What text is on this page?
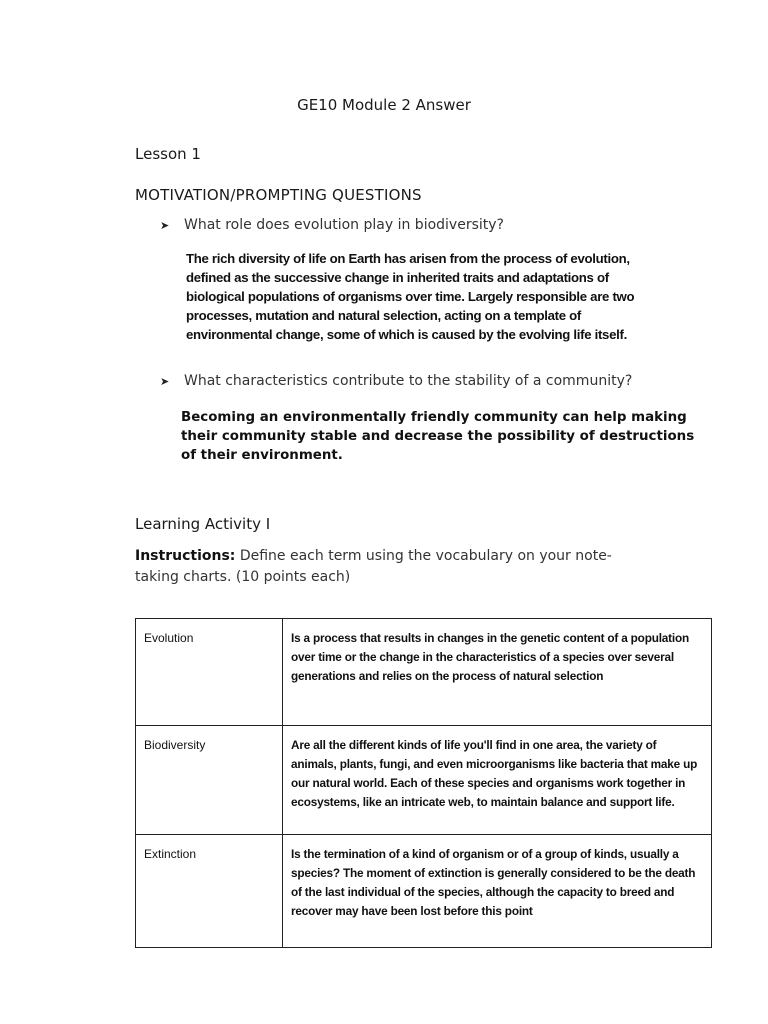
GE10 Module 2 Answer
Lesson 1
MOTIVATION/PROMPTING QUESTIONS
➤	What role does evolution play in biodiversity?
The rich diversity of life on Earth has arisen from the process of evolution, defined as the successive change in inherited traits and adaptations of biological populations of organisms over time. Largely responsible are two processes, mutation and natural selection, acting on a template of environmental change, some of which is caused by the evolving life itself.
➤	What characteristics contribute to the stability of a community?
Becoming an environmentally friendly community can help making their community stable and decrease the possibility of destructions of their environment.
Learning Activity I
Instructions: Define each term using the vocabulary on your note-taking charts. (10 points each)
Evolution	Is a process that results in changes in the genetic content of a population over time or the change in the characteristics of a species over several generations and relies on the process of natural selection
Biodiversity	Are all the different kinds of life you'll find in one area, the variety of animals, plants, fungi, and even microorganisms like bacteria that make up our natural world. Each of these species and organisms work together in ecosystems, like an intricate web, to maintain balance and support life.
Extinction	Is the termination of a kind of organism or of a group of kinds, usually a species? The moment of extinction is generally considered to be the death of the last individual of the species, although the capacity to breed and recover may have been lost before this point
